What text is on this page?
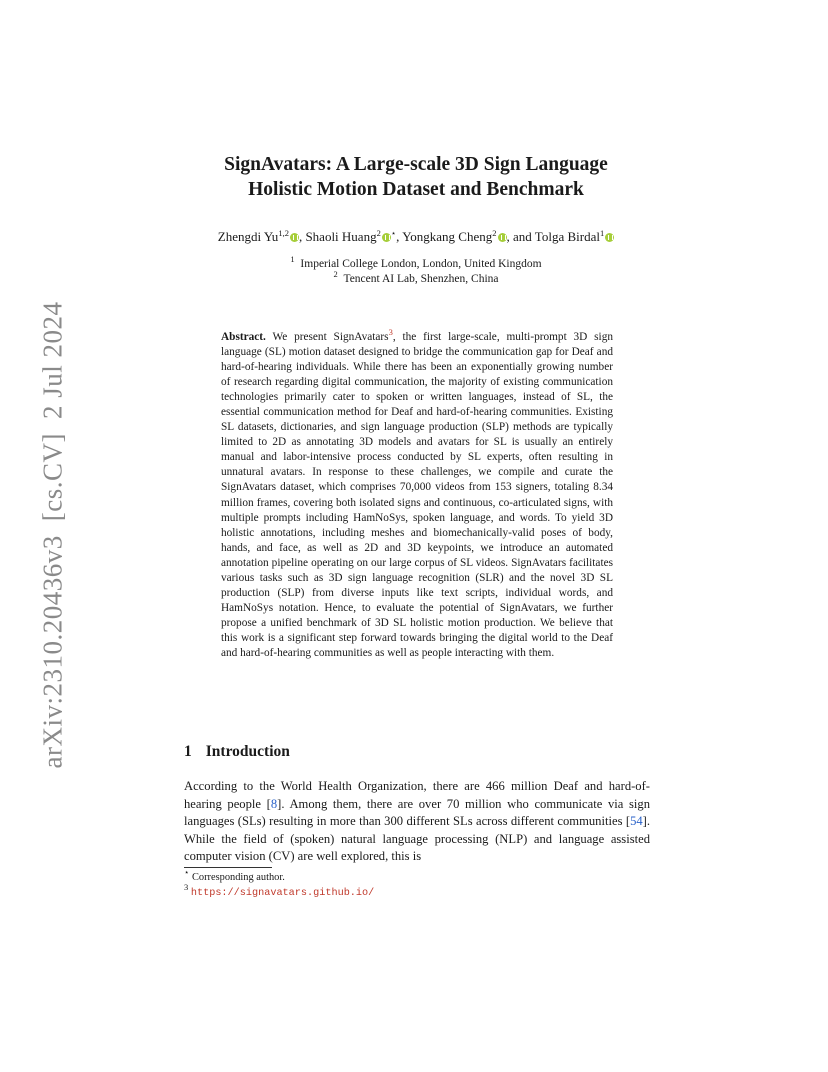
arXiv:2310.20436v3[cs.CV]2 Jul 2024
SignAvatars: A Large-scale 3D Sign Language
Holistic Motion Dataset and Benchmark
Zhengdi Yu$^{1,2}$ , Shaoli Huang$^2$ ⋆, Yongkang Cheng$^2$ , and Tolga Birdal$^1$
$^1$ Imperial College London, London, United Kingdom
$^2$ Tencent AI Lab, Shenzhen, China
Abstract. We present SignAvatars$^3$, the first large-scale, multi-prompt 3D sign language (SL) motion dataset designed to bridge the communication gap for Deaf and hard-of-hearing individuals. While there has been an exponentially growing number of research regarding digital communication, the majority of existing communication technologies primarily cater to spoken or written languages, instead of SL, the essential communication method for Deaf and hard-of-hearing communities. Existing SL datasets, dictionaries, and sign language production (SLP) methods are typically limited to 2D as annotating 3D models and avatars for SL is usually an entirely manual and labor-intensive process conducted by SL experts, often resulting in unnatural avatars. In response to these challenges, we compile and curate the SignAvatars dataset, which comprises 70,000 videos from 153 signers, totaling 8.34 million frames, covering both isolated signs and continuous, co-articulated signs, with multiple prompts including HamNoSys, spoken language, and words. To yield 3D holistic annotations, including meshes and biomechanically-valid poses of body, hands, and face, as well as 2D and 3D keypoints, we introduce an automated annotation pipeline operating on our large corpus of SL videos. SignAvatars facilitates various tasks such as 3D sign language recognition (SLR) and the novel 3D SL production (SLP) from diverse inputs like text scripts, individual words, and HamNoSys notation. Hence, to evaluate the potential of SignAvatars, we further propose a unified benchmark of 3D SL holistic motion production. We believe that this work is a significant step forward towards bringing the digital world to the Deaf and hard-of-hearing communities as well as people interacting with them.
1 Introduction
According to the World Health Organization, there are 466 million Deaf and hard-of-hearing people [8]. Among them, there are over 70 million who communicate via sign languages (SLs) resulting in more than 300 different SLs across different communities [54]. While the field of (spoken) natural language processing (NLP) and language assisted computer vision (CV) are well explored, this is
⋆ Corresponding author.
$^3$ https://signavatars.github.io/
